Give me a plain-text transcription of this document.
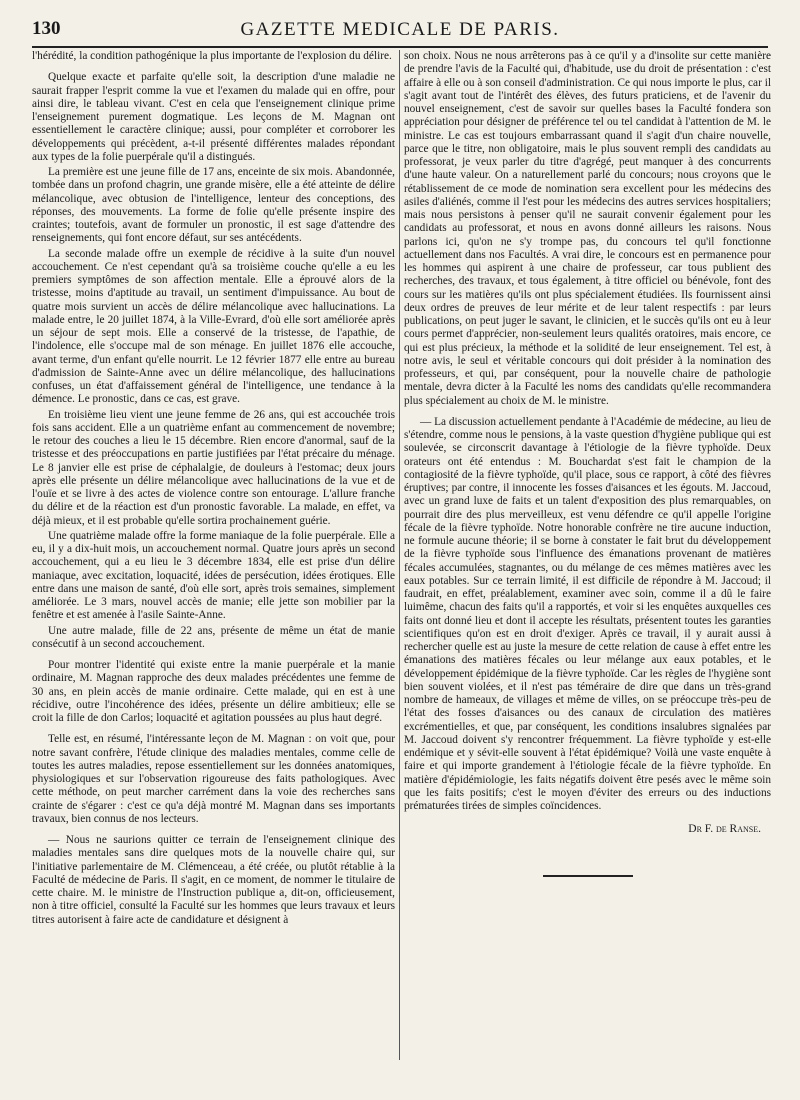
130	GAZETTE MEDICALE DE PARIS.

l'hérédité, la condition pathogénique la plus importante de l'explosion du délire.

Quelque exacte et parfaite qu'elle soit, la description d'une maladie ne saurait frapper l'esprit comme la vue et l'examen du malade qui en offre, pour ainsi dire, le tableau vivant. C'est en cela que l'enseignement clinique prime l'enseignement purement dogmatique. Les leçons de M. Magnan ont essentiellement le caractère clinique; aussi, pour compléter et corroborer les développements qui précèdent, a-t-il présenté différentes malades répondant aux types de la folie puerpérale qu'il a distingués.

La première est une jeune fille de 17 ans, enceinte de six mois. Abandonnée, tombée dans un profond chagrin, une grande misère, elle a été atteinte de délire mélancolique, avec obtusion de l'intelligence, lenteur des conceptions, des réponses, des mouvements. La forme de folie qu'elle présente inspire des craintes; toutefois, avant de formuler un pronostic, il est sage d'attendre des renseignements, qui font encore défaut, sur ses antécédents.

La seconde malade offre un exemple de récidive à la suite d'un nouvel accouchement. Ce n'est cependant qu'à sa troisième couche qu'elle a eu les premiers symptômes de son affection mentale. Elle a éprouvé alors de la tristesse, moins d'aptitude au travail, un sentiment d'impuissance. Au bout de quatre mois survient un accès de délire mélancolique avec hallucinations. La malade entre, le 20 juillet 1874, à la Ville-Evrard, d'où elle sort améliorée après un séjour de sept mois. Elle a conservé de la tristesse, de l'apathie, de l'indolence, elle s'occupe mal de son ménage. En juillet 1876 elle accouche, avant terme, d'un enfant qu'elle nourrit. Le 12 février 1877 elle entre au bureau d'admission de Sainte-Anne avec un délire mélancolique, des hallucinations confuses, un état d'affaissement général de l'intelligence, une tendance à la démence. Le pronostic, dans ce cas, est grave.

En troisième lieu vient une jeune femme de 26 ans, qui est accouchée trois fois sans accident. Elle a un quatrième enfant au commencement de novembre; le retour des couches a lieu le 15 décembre. Rien encore d'anormal, sauf de la tristesse et des préoccupations en partie justifiées par l'état précaire du ménage. Le 8 janvier elle est prise de céphalalgie, de douleurs à l'estomac; deux jours après elle présente un délire mélancolique avec hallucinations de la vue et de l'ouïe et se livre à des actes de violence contre son entourage. L'allure franche du délire et de la réaction est d'un pronostic favorable. La malade, en effet, va déjà mieux, et il est probable qu'elle sortira prochainement guérie.

Une quatrième malade offre la forme maniaque de la folie puerpérale. Elle a eu, il y a dix-huit mois, un accouchement normal. Quatre jours après un second accouchement, qui a eu lieu le 3 décembre 1834, elle est prise d'un délire maniaque, avec excitation, loquacité, idées de persécution, idées érotiques. Elle entre dans une maison de santé, d'où elle sort, après trois semaines, simplement améliorée. Le 3 mars, nouvel accès de manie; elle jette son mobilier par la fenêtre et est amenée à l'asile Sainte-Anne.

Une autre malade, fille de 22 ans, présente de même un état de manie consécutif à un second accouchement.

Pour montrer l'identité qui existe entre la manie puerpérale et la manie ordinaire, M. Magnan rapproche des deux malades précédentes une femme de 30 ans, en plein accès de manie ordinaire. Cette malade, qui en est à une récidive, outre l'incohérence des idées, présente un délire ambitieux; elle se croit la fille de don Carlos; loquacité et agitation poussées au plus haut degré.

Telle est, en résumé, l'intéressante leçon de M. Magnan : on voit que, pour notre savant confrère, l'étude clinique des maladies mentales, comme celle de toutes les autres maladies, repose essentiellement sur les données anatomiques, physiologiques et sur l'observation rigoureuse des faits pathologiques. Avec cette méthode, on peut marcher carrément dans la voie des recherches sans crainte de s'égarer : c'est ce qu'a déjà montré M. Magnan dans ses importants travaux, bien connus de nos lecteurs.

— Nous ne saurions quitter ce terrain de l'enseignement clinique des maladies mentales sans dire quelques mots de la nouvelle chaire qui, sur l'initiative parlementaire de M. Clémenceau, a été créée, ou plutôt rétablie à la Faculté de médecine de Paris. Il s'agit, en ce moment, de nommer le titulaire de cette chaire. M. le ministre de l'Instruction publique a, dit-on, officieusement, non à titre officiel, consulté la Faculté sur les hommes que leurs travaux et leurs titres autorisent à faire acte de candidature et désignent à

son choix. Nous ne nous arrêterons pas à ce qu'il y a d'insolite sur cette manière de prendre l'avis de la Faculté qui, d'habitude, use du droit de présentation : c'est affaire à elle ou à son conseil d'administration. Ce qui nous importe le plus, car il s'agit avant tout de l'intérêt des élèves, des futurs praticiens, et de l'avenir du nouvel enseignement, c'est de savoir sur quelles bases la Faculté fondera son appréciation pour désigner de préférence tel ou tel candidat à l'attention de M. le ministre. Le cas est toujours embarrassant quand il s'agit d'un chaire nouvelle, parce que le titre, non obligatoire, mais le plus souvent rempli des candidats au professorat, je veux parler du titre d'agrégé, peut manquer à des concurrents d'une haute valeur. On a naturellement parlé du concours; nous croyons que le rétablissement de ce mode de nomination sera excellent pour les médecins des asiles d'aliénés, comme il l'est pour les médecins des autres services hospitaliers; mais nous persistons à penser qu'il ne saurait convenir également pour les candidats au professorat, et nous en avons donné ailleurs les raisons. Nous parlons ici, qu'on ne s'y trompe pas, du concours tel qu'il fonctionne actuellement dans nos Facultés. A vrai dire, le concours est en permanence pour les hommes qui aspirent à une chaire de professeur, car tous publient des recherches, des travaux, et tous également, à titre officiel ou bénévole, font des cours sur les matières qu'ils ont plus spécialement étudiées. Ils fournissent ainsi deux ordres de preuves de leur mérite et de leur talent respectifs : par leurs publications, on peut juger le savant, le clinicien, et le succès qu'ils ont eu à leur cours permet d'apprécier, non-seulement leurs qualités oratoires, mais encore, ce qui est plus précieux, la méthode et la solidité de leur enseignement. Tel est, à notre avis, le seul et véritable concours qui doit présider à la nomination des professeurs, et qui, par conséquent, pour la nouvelle chaire de pathologie mentale, devra dicter à la Faculté les noms des candidats qu'elle recommandera plus spécialement au choix de M. le ministre.

— La discussion actuellement pendante à l'Académie de médecine, au lieu de s'étendre, comme nous le pensions, à la vaste question d'hygiène publique qui est soulevée, se circonscrit davantage à l'étiologie de la fièvre typhoïde. Deux orateurs ont été entendus : M. Bouchardat s'est fait le champion de la contagiosité de la fièvre typhoïde, qu'il place, sous ce rapport, à côté des fièvres éruptives; par contre, il innocente les fosses d'aisances et les égouts. M. Jaccoud, avec un grand luxe de faits et un talent d'exposition des plus remarquables, on pourrait dire des plus merveilleux, est venu défendre ce qu'il appelle l'origine fécale de la fièvre typhoïde. Notre honorable confrère ne tire aucune induction, ne formule aucune théorie; il se borne à constater le fait brut du développement de la fièvre typhoïde sous l'influence des émanations provenant de matières fécales accumulées, stagnantes, ou du mélange de ces mêmes matières avec les eaux potables. Sur ce terrain limité, il est difficile de répondre à M. Jaccoud; il faudrait, en effet, préalablement, examiner avec soin, comme il a dû le faire luimême, chacun des faits qu'il a rapportés, et voir si les enquêtes auxquelles ces faits ont donné lieu et dont il accepte les résultats, présentent toutes les garanties scientifiques qu'on est en droit d'exiger. Après ce travail, il y aurait aussi à rechercher quelle est au juste la mesure de cette relation de cause à effet entre les émanations des matières fécales ou leur mélange aux eaux potables, et le développement épidémique de la fièvre typhoïde. Car les règles de l'hygiène sont bien souvent violées, et il n'est pas téméraire de dire que dans un très-grand nombre de hameaux, de villages et même de villes, on se préoccupe très-peu de l'état des fosses d'aisances ou des canaux de circulation des matières excrémentielles, et que, par conséquent, les conditions insalubres signalées par M. Jaccoud doivent s'y rencontrer fréquemment. La fièvre typhoïde y est-elle endémique et y sévit-elle souvent à l'état épidémique? Voilà une vaste enquête à faire et qui importe grandement à l'étiologie fécale de la fièvre typhoïde. En matière d'épidémiologie, les faits négatifs doivent être pesés avec le même soin que les faits positifs; c'est le moyen d'éviter des erreurs ou des inductions prématurées tirées de simples coïncidences.

Dr F. de Ranse.
